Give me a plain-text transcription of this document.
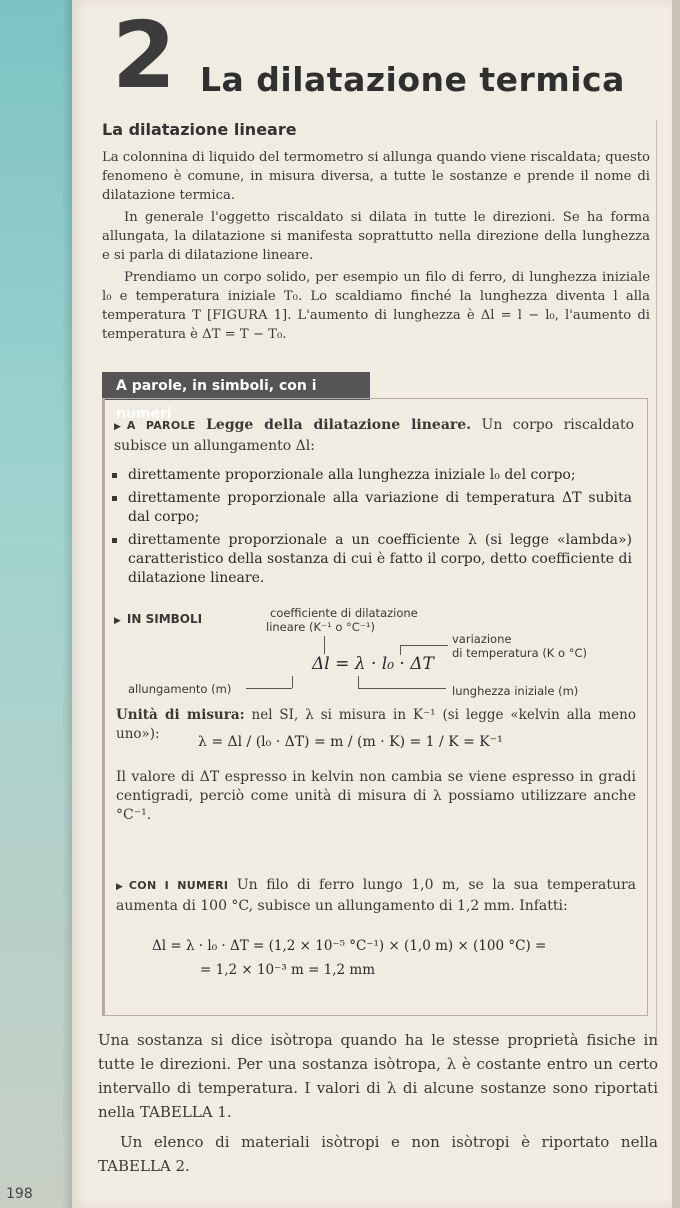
2 La dilatazione termica
La dilatazione lineare

La colonnina di liquido del termometro si allunga quando viene riscaldata; questo fenomeno è comune, in misura diversa, a tutte le sostanze e prende il nome di dilatazione termica.

In generale l'oggetto riscaldato si dilata in tutte le direzioni. Se ha forma allungata, la dilatazione si manifesta soprattutto nella direzione della lunghezza e si parla di dilatazione lineare.

Prendiamo un corpo solido, per esempio un filo di ferro, di lunghezza iniziale l₀ e temperatura iniziale T₀. Lo scaldiamo finché la lunghezza diventa l alla temperatura T [FIGURA 1]. L'aumento di lunghezza è Δl = l − l₀, l'aumento di temperatura è ΔT = T − T₀.

A parole, in simboli, con i numeri

▶ A PAROLE Legge della dilatazione lineare. Un corpo riscaldato subisce un allungamento Δl:

direttamente proporzionale alla lunghezza iniziale l₀ del corpo;
direttamente proporzionale alla variazione di temperatura ΔT subita dal corpo;
direttamente proporzionale a un coefficiente λ (si legge «lambda») caratteristico della sostanza di cui è fatto il corpo, detto coefficiente di dilatazione lineare.
▶ IN SIMBOLI	coefficiente di dilatazione
lineare (K⁻¹ o °C⁻¹)
variazione
di temperatura (K o °C)
Δl = λ · l₀ · ΔT
allungamento (m)	lunghezza iniziale (m)

Unità di misura: nel SI, λ si misura in K⁻¹ (si legge «kelvin alla meno uno»):	λ = Δl / (l₀ · ΔT) = m / (m · K) = 1 / K = K⁻¹

Il valore di ΔT espresso in kelvin non cambia se viene espresso in gradi centigradi, perciò come unità di misura di λ possiamo utilizzare anche °C⁻¹.

▶ CON I NUMERI Un filo di ferro lungo 1,0 m, se la sua temperatura aumenta di 100 °C, subisce un allungamento di 1,2 mm. Infatti:

Δl = λ · l₀ · ΔT = (1,2 × 10⁻⁵ °C⁻¹) × (1,0 m) × (100 °C) =
= 1,2 × 10⁻³ m = 1,2 mm

Una sostanza si dice isòtropa quando ha le stesse proprietà fisiche in tutte le direzioni. Per una sostanza isòtropa, λ è costante entro un certo intervallo di temperatura. I valori di λ di alcune sostanze sono riportati nella TABELLA 1.

Un elenco di materiali isòtropi e non isòtropi è riportato nella TABELLA 2.

198
